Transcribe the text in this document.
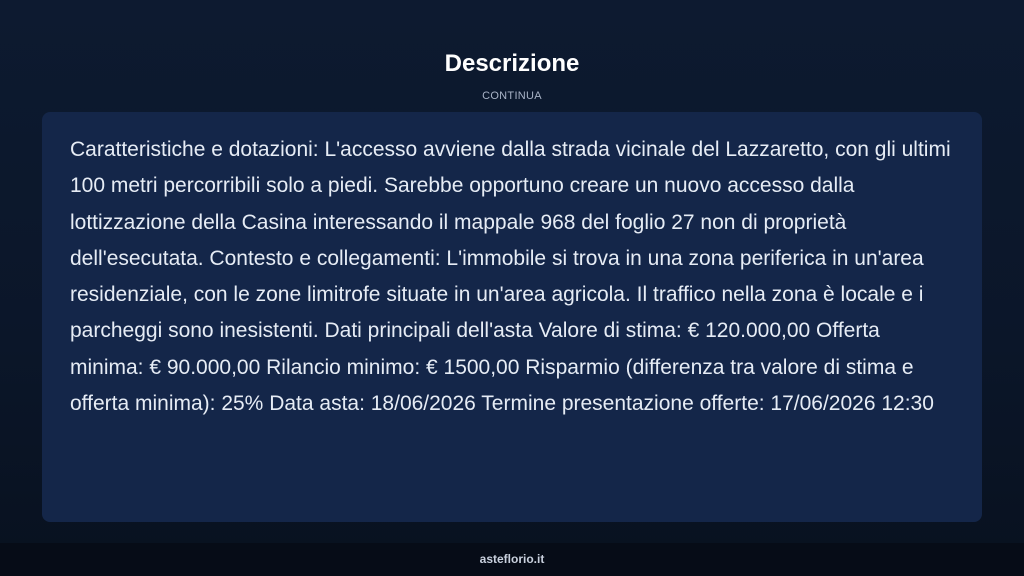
Descrizione
CONTINUA

Caratteristiche e dotazioni: L'accesso avviene dalla strada vicinale del Lazzaretto, con gli ultimi 100 metri percorribili solo a piedi. Sarebbe opportuno creare un nuovo accesso dalla lottizzazione della Casina interessando il mappale 968 del foglio 27 non di proprietà dell'esecutata. Contesto e collegamenti: L'immobile si trova in una zona periferica in un'area residenziale, con le zone limitrofe situate in un'area agricola. Il traffico nella zona è locale e i parcheggi sono inesistenti. Dati principali dell'asta Valore di stima: € 120.000,00 Offerta minima: € 90.000,00 Rilancio minimo: € 1500,00 Risparmio (differenza tra valore di stima e offerta minima): 25% Data asta: 18/06/2026 Termine presentazione offerte: 17/06/2026 12:30

asteflorio.it
